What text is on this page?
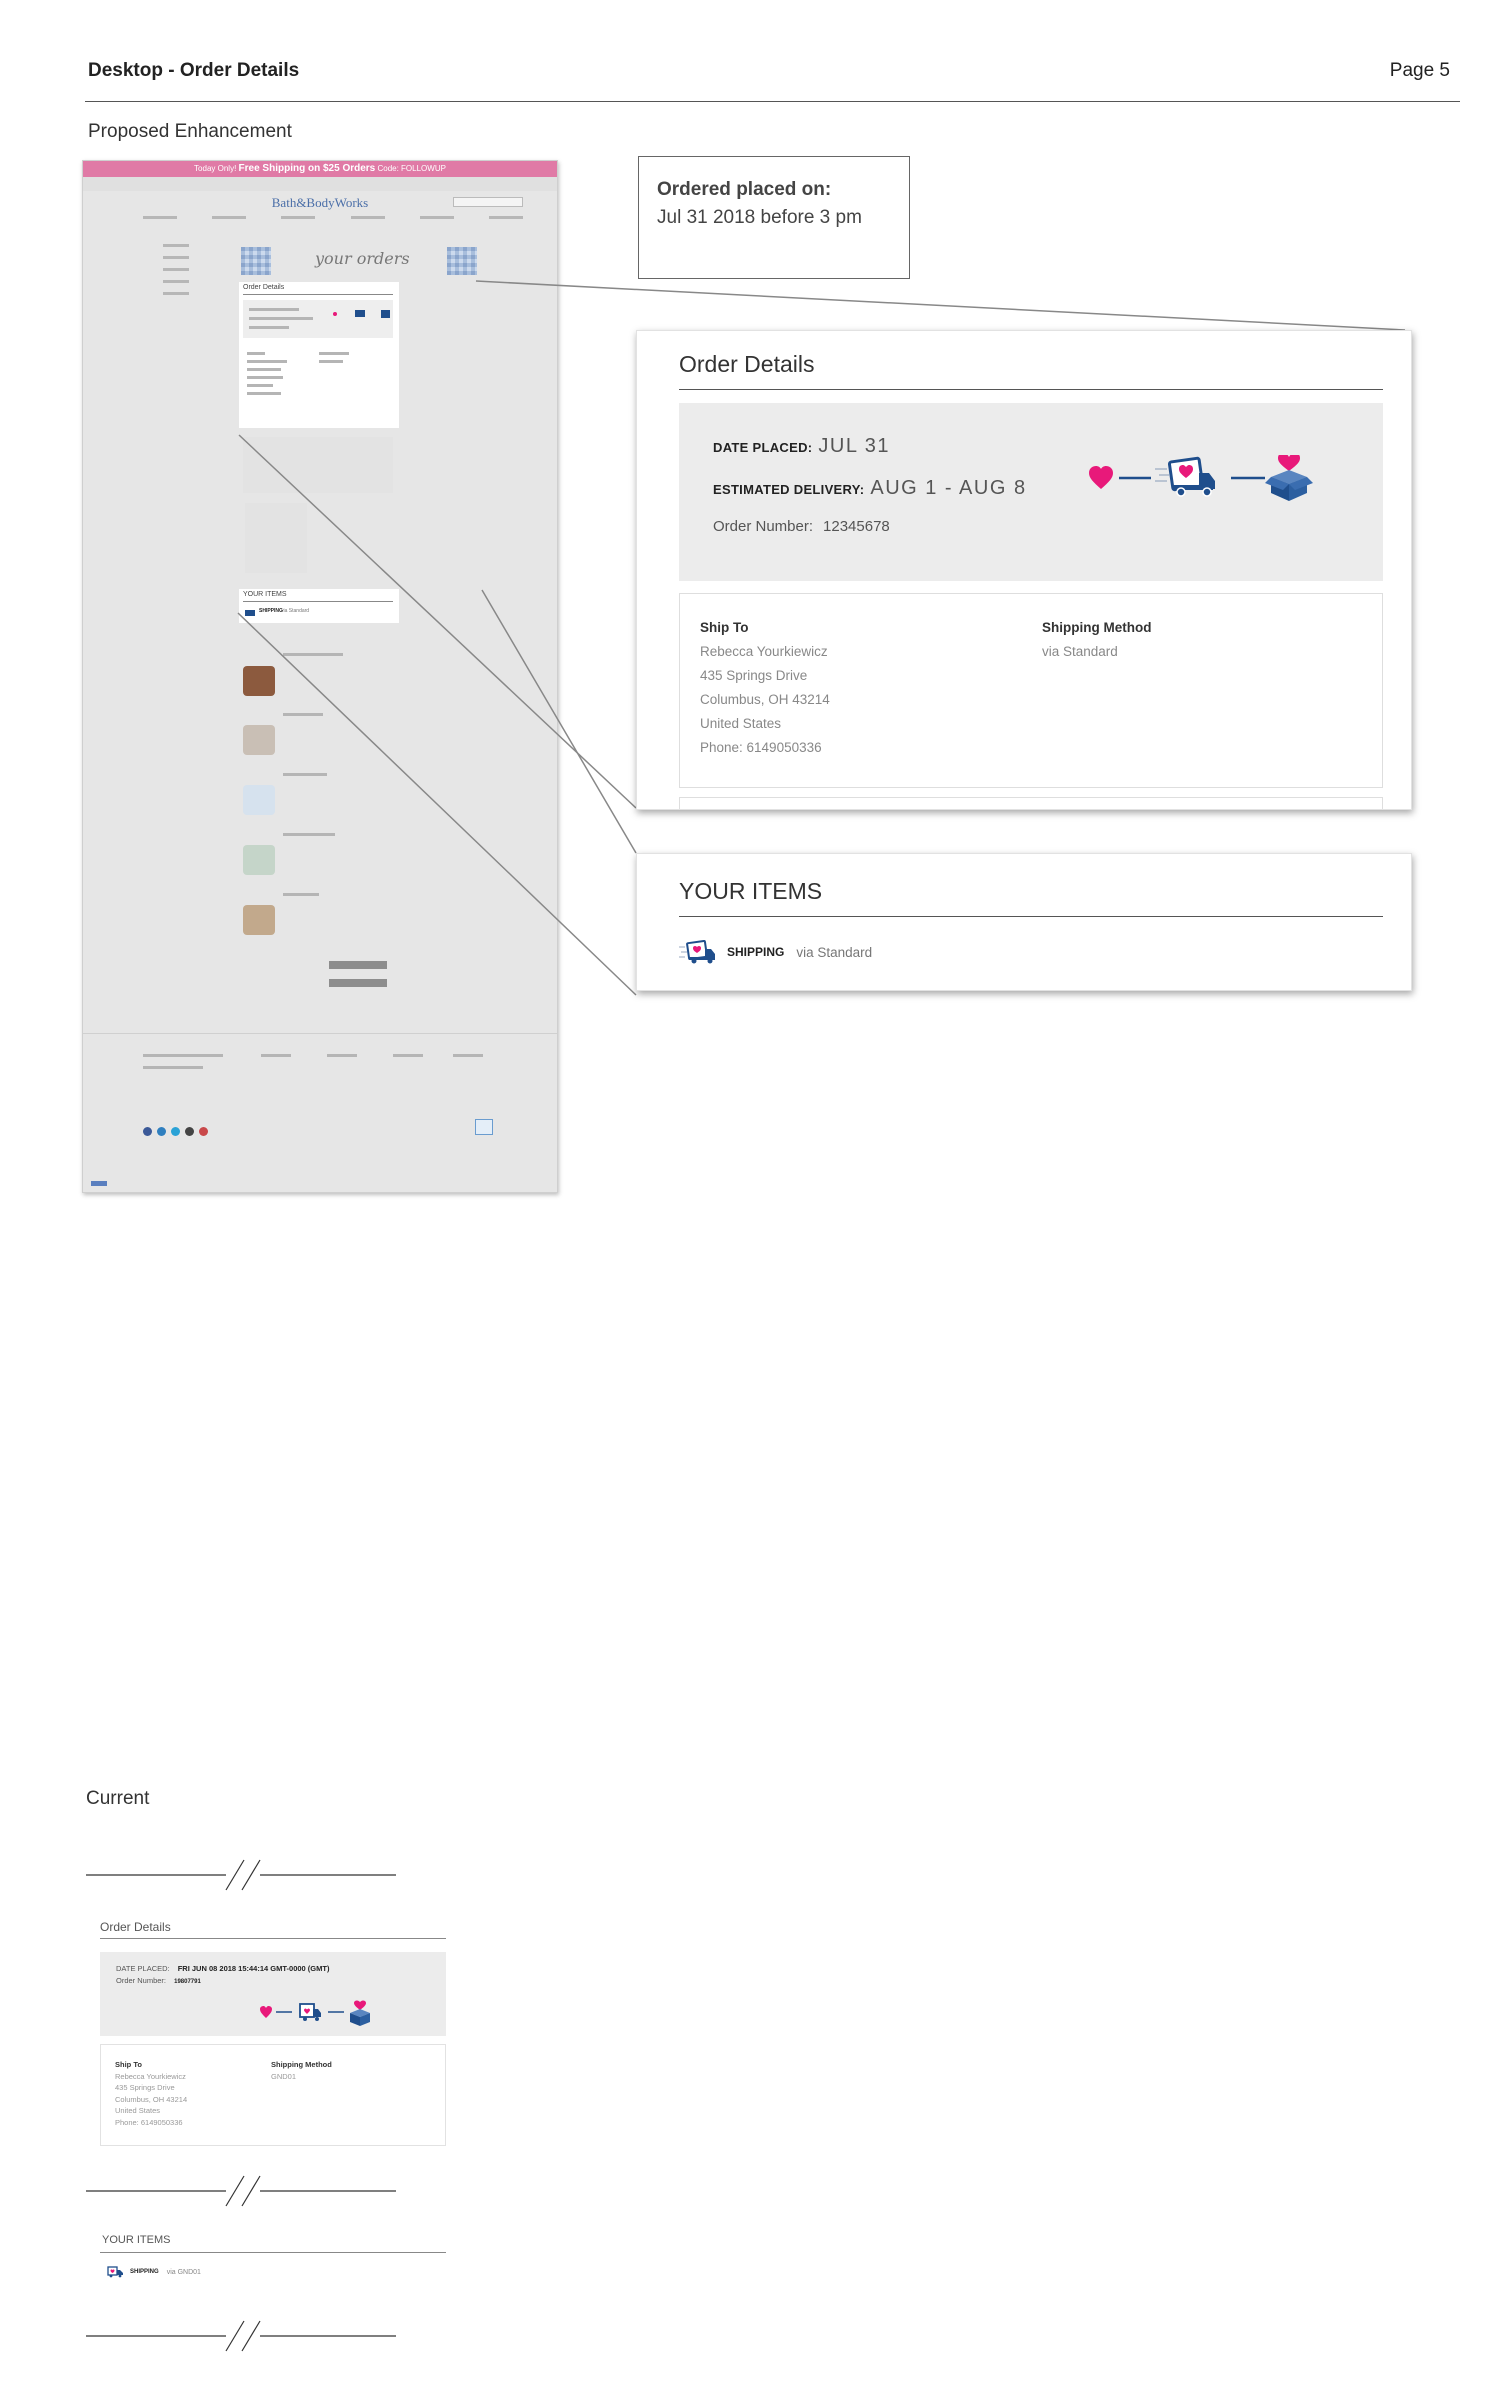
Desktop - Order Details	Page 5
Proposed Enhancement
Today Only! Free Shipping on $25 Orders Code: FOLLOWUP
Bath&BodyWorks
your orders
Order Details
YOUR ITEMS
SHIPPING
via Standard
Ordered placed on:
Jul 31 2018 before 3 pm
Order Details
DATE PLACED: JUL 31
ESTIMATED DELIVERY: AUG 1 - AUG 8
Order Number: 12345678
Ship To
Rebecca Yourkiewicz
435 Springs Drive
Columbus, OH 43214
United States
Phone: 6149050336
Shipping Method
via Standard
YOUR ITEMS
SHIPPING via Standard
Current
Order Details
DATE PLACED: FRI JUN 08 2018 15:44:14 GMT-0000 (GMT)
Order Number: 19807791
Ship To
Rebecca Yourkiewicz
435 Springs Drive
Columbus, OH 43214
United States
Phone: 6149050336
Shipping Method
GND01
YOUR ITEMS
SHIPPING via GND01
